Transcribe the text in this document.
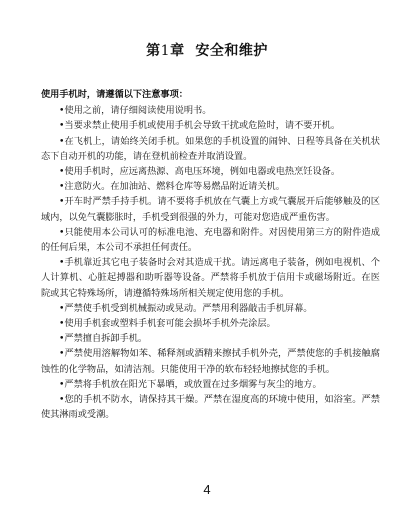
第1章  安全和维护

使用手机时，请遵循以下注意事项：

•使用之前，请仔细阅读使用说明书。

•当要求禁止使用手机或使用手机会导致干扰或危险时，请不要开机。

•在飞机上，请始终关闭手机。如果您的手机设置的闹钟、日程等具备在关机状态下自动开机的功能，请在登机前检查并取消设置。

•使用手机时，应远离热源、高电压环境，例如电器或电热烹饪设备。

•注意防火。在加油站、燃料仓库等易燃品附近请关机。

•开车时严禁手持手机。请不要将手机放在气囊上方或气囊展开后能够触及的区域内，以免气囊膨胀时，手机受到很强的外力，可能对您造成严重伤害。

•只能使用本公司认可的标准电池、充电器和附件。对因使用第三方的附件造成的任何后果，本公司不承担任何责任。

•手机靠近其它电子装备时会对其造成干扰。请远离电子装备，例如电视机、个人计算机、心脏起搏器和助听器等设备。严禁将手机放于信用卡或磁场附近。在医院或其它特殊场所，请遵循特殊场所相关规定使用您的手机。

•严禁使手机受到机械振动或晃动。严禁用利器敲击手机屏幕。

•使用手机套或塑料手机套可能会损坏手机外壳涂层。

•严禁擅自拆卸手机。

•严禁使用溶解物如苯、稀释剂或酒精来擦拭手机外壳，严禁使您的手机接触腐蚀性的化学物品，如清洁剂。只能使用干净的软布轻轻地擦拭您的手机。

•严禁将手机放在阳光下暴晒，或放置在过多烟雾与灰尘的地方。

•您的手机不防水，请保持其干燥。严禁在湿度高的环境中使用，如浴室。严禁使其淋雨或受潮。

4
